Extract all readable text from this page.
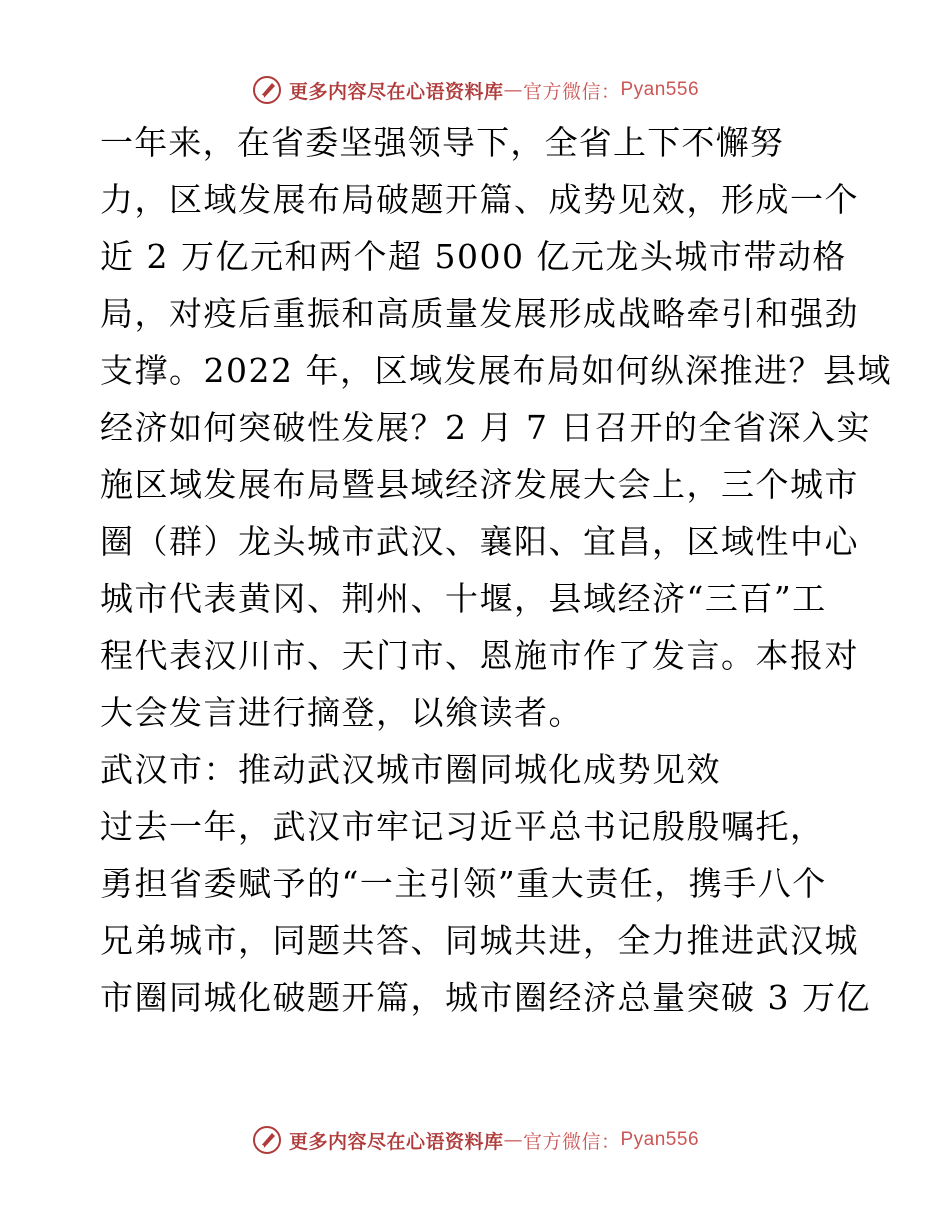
更多内容尽在心语资料库 — 官方微信： Pyan556
一年来，在省委坚强领导下，全省上下不懈努
力，区域发展布局破题开篇、成势见效，形成一个
近 2 万亿元和两个超 5000 亿元龙头城市带动格
局，对疫后重振和高质量发展形成战略牵引和强劲
支撑。2022 年，区域发展布局如何纵深推进？县域
经济如何突破性发展？2 月 7 日召开的全省深入实
施区域发展布局暨县域经济发展大会上，三个城市
圈（群）龙头城市武汉、襄阳、宜昌，区域性中心
城市代表黄冈、荆州、十堰，县域经济“三百”工
程代表汉川市、天门市、恩施市作了发言。本报对
大会发言进行摘登，以飨读者。
武汉市：推动武汉城市圈同城化成势见效
过去一年，武汉市牢记习近平总书记殷殷嘱托，
勇担省委赋予的“一主引领”重大责任，携手八个
兄弟城市，同题共答、同城共进，全力推进武汉城
市圈同城化破题开篇，城市圈经济总量突破 3 万亿
更多内容尽在心语资料库 — 官方微信： Pyan556
